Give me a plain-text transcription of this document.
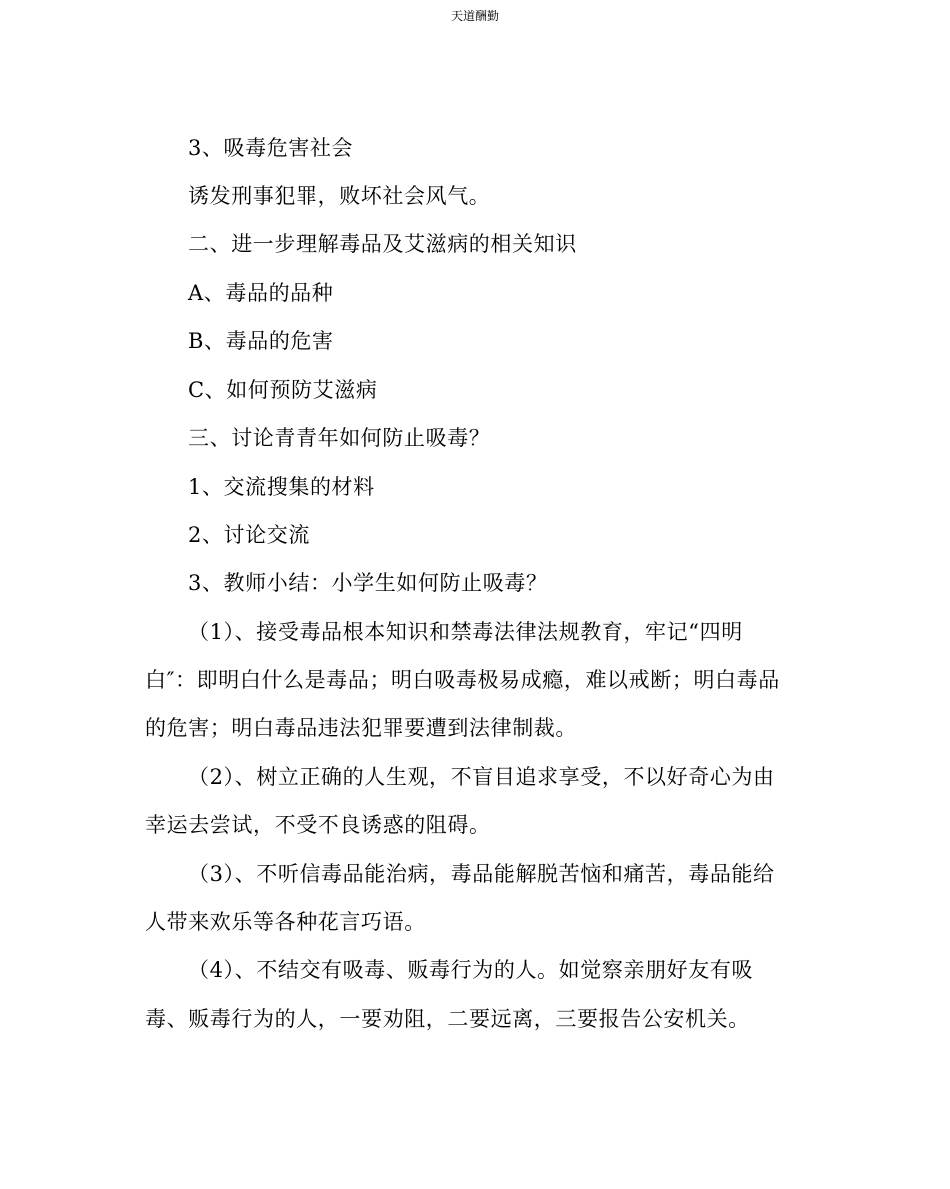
天道酬勤
3、吸毒危害社会
诱发刑事犯罪，败坏社会风气。
二、进一步理解毒品及艾滋病的相关知识
A、毒品的品种
B、毒品的危害
C、如何预防艾滋病
三、讨论青青年如何防止吸毒？
1、交流搜集的材料
2、讨论交流
3、教师小结：小学生如何防止吸毒？
（1）、接受毒品根本知识和禁毒法律法规教育，牢记“四明
白″：即明白什么是毒品；明白吸毒极易成瘾，难以戒断；明白毒品
的危害；明白毒品违法犯罪要遭到法律制裁。
（2）、树立正确的人生观，不盲目追求享受，不以好奇心为由
幸运去尝试，不受不良诱惑的阻碍。
（3）、不听信毒品能治病，毒品能解脱苦恼和痛苦，毒品能给
人带来欢乐等各种花言巧语。
（4）、不结交有吸毒、贩毒行为的人。如觉察亲朋好友有吸
毒、贩毒行为的人，一要劝阻，二要远离，三要报告公安机关。
